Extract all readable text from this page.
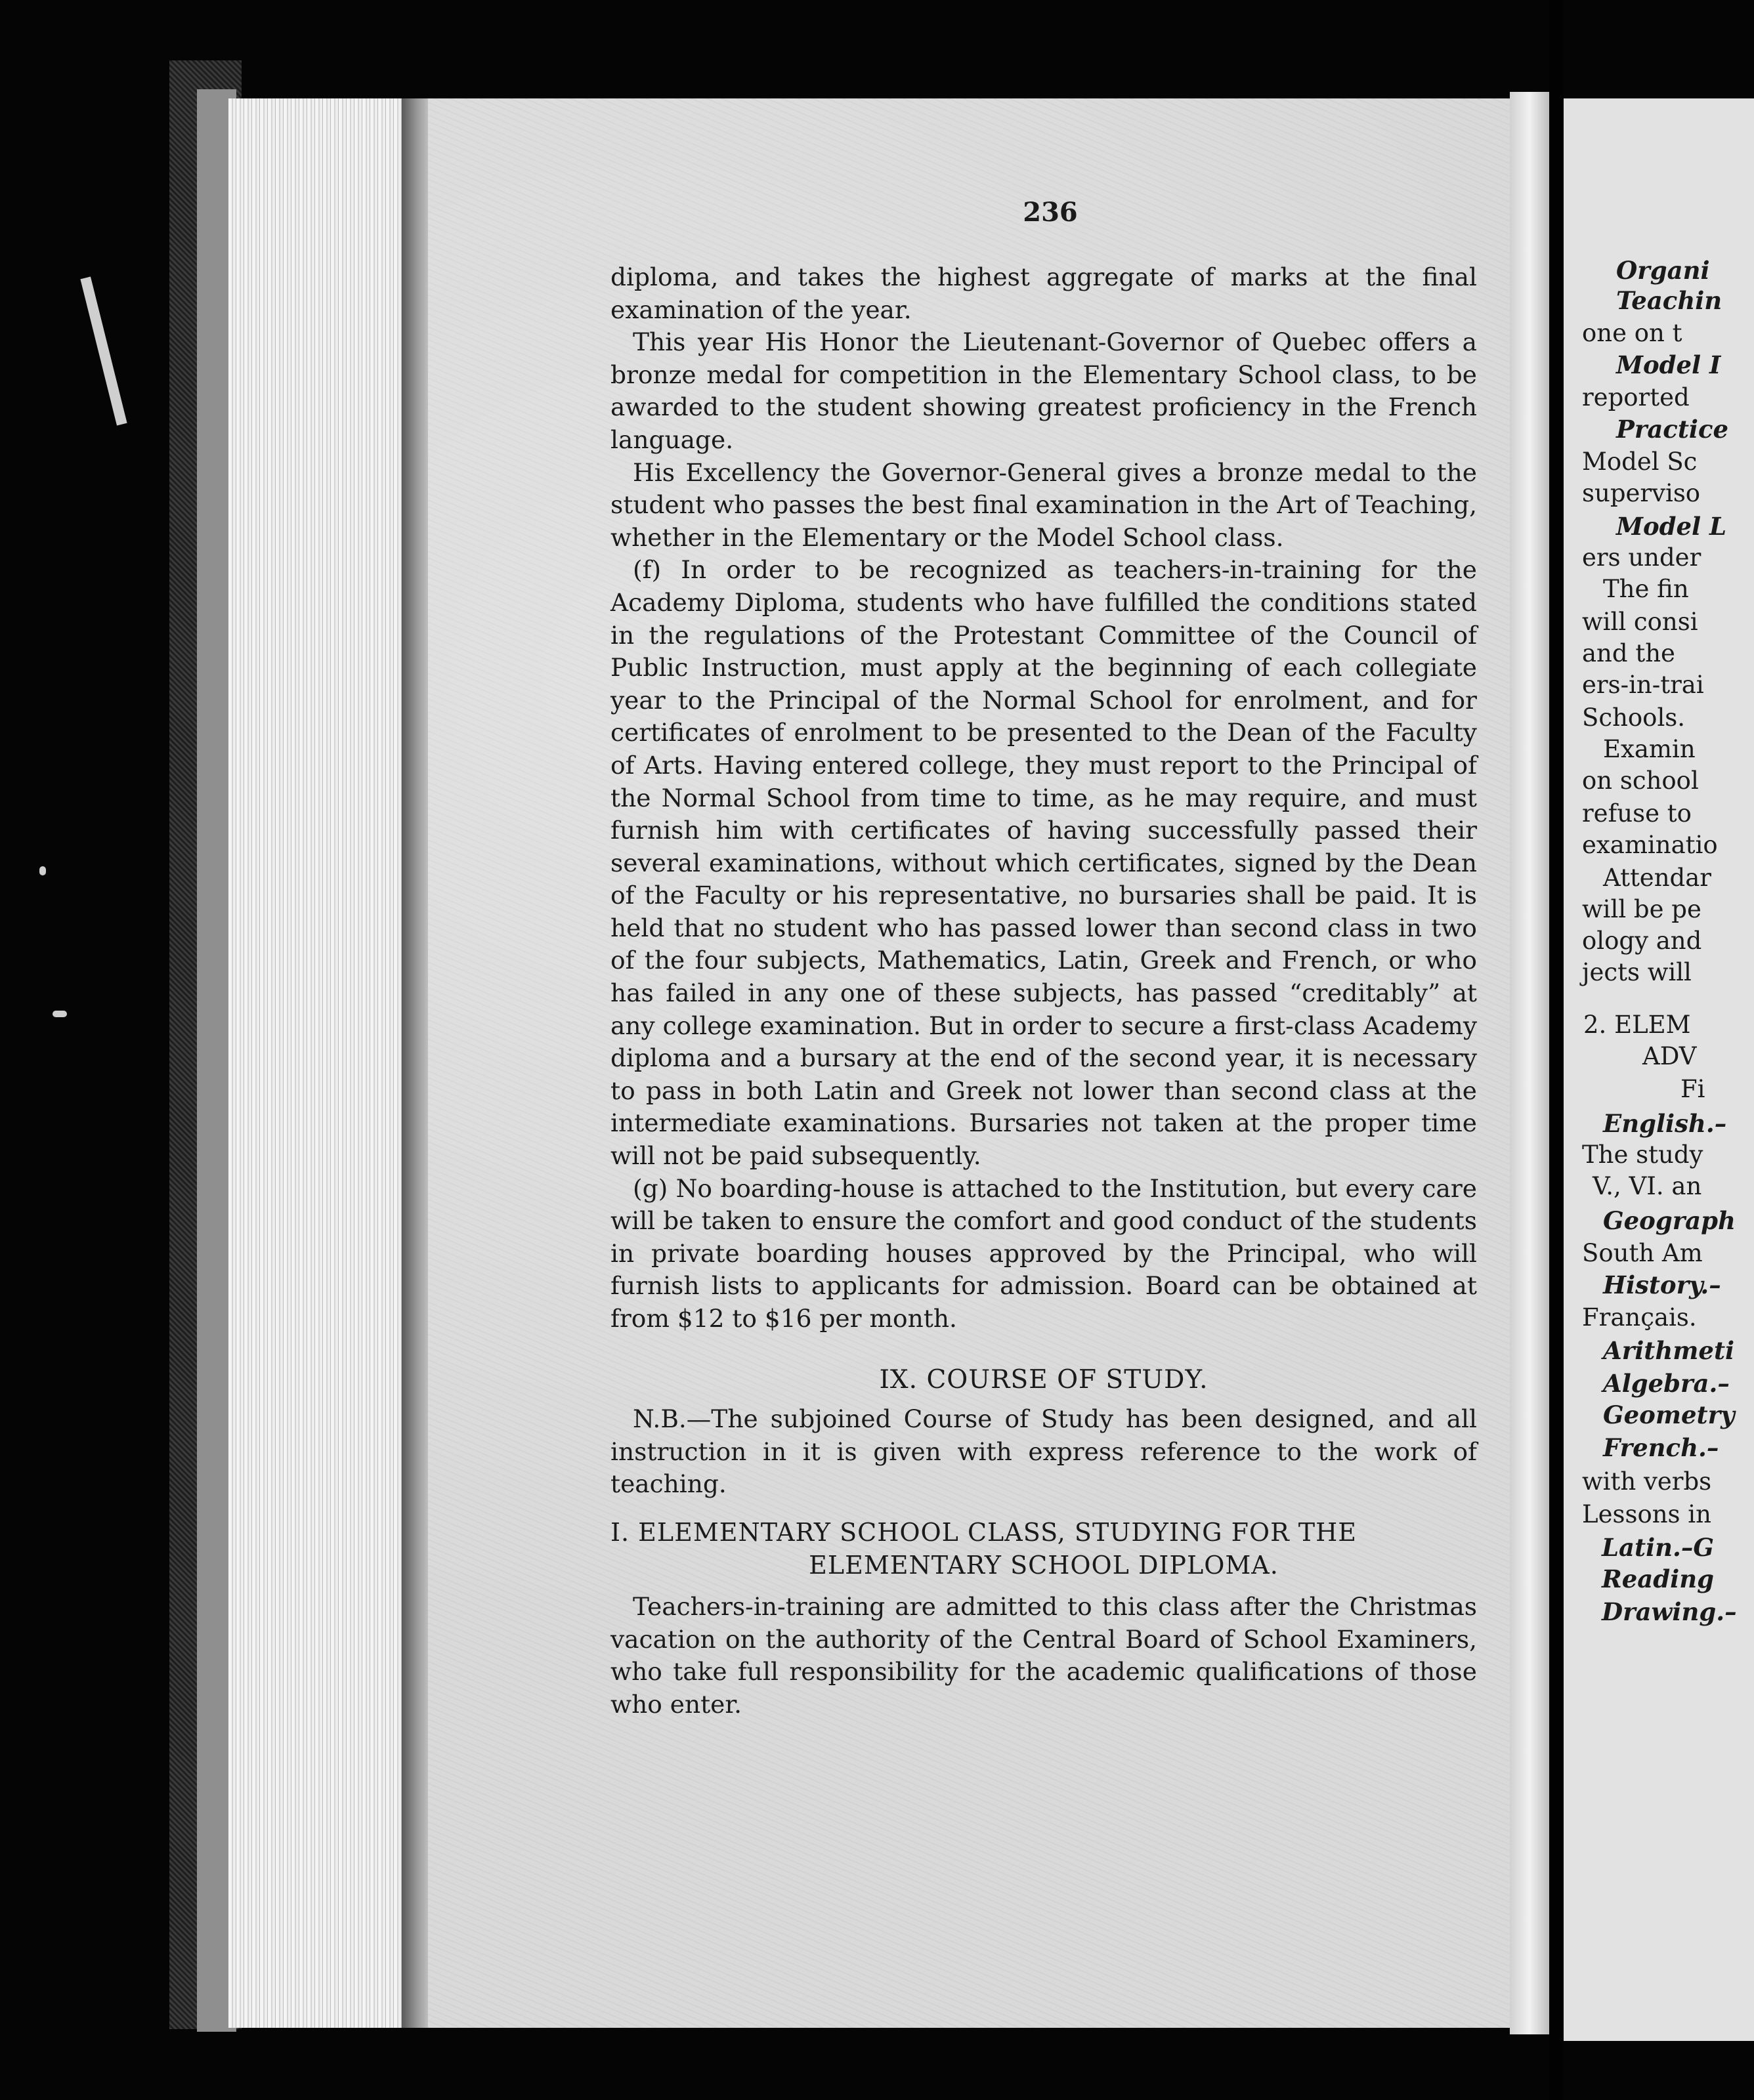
236

diploma, and takes the highest aggregate of marks at the final examination of the year.

This year His Honor the Lieutenant-Governor of Quebec offers a bronze medal for competition in the Elementary School class, to be awarded to the student showing greatest proficiency in the French language.

His Excellency the Governor-General gives a bronze medal to the student who passes the best final examination in the Art of Teaching, whether in the Elementary or the Model School class.

(f) In order to be recognized as teachers-in-training for the Academy Diploma, students who have fulfilled the conditions stated in the regulations of the Protestant Committee of the Council of Public Instruction, must apply at the beginning of each collegiate year to the Principal of the Normal School for enrolment, and for certificates of enrolment to be presented to the Dean of the Faculty of Arts. Having entered college, they must report to the Principal of the Normal School from time to time, as he may require, and must furnish him with certificates of having successfully passed their several examinations, without which certificates, signed by the Dean of the Faculty or his representative, no bursaries shall be paid. It is held that no student who has passed lower than second class in two of the four subjects, Mathematics, Latin, Greek and French, or who has failed in any one of these subjects, has passed “creditably” at any college examination. But in order to secure a first-class Academy diploma and a bursary at the end of the second year, it is necessary to pass in both Latin and Greek not lower than second class at the intermediate examinations. Bursaries not taken at the proper time will not be paid subsequently.

(g) No boarding-house is attached to the Institution, but every care will be taken to ensure the comfort and good conduct of the students in private boarding houses approved by the Principal, who will furnish lists to applicants for admission. Board can be obtained at from $12 to $16 per month.

IX. COURSE OF STUDY.

N.B.—The subjoined Course of Study has been designed, and all instruction in it is given with express reference to the work of teaching.

I. ELEMENTARY SCHOOL CLASS, STUDYING FOR THE
ELEMENTARY SCHOOL DIPLOMA.

Teachers-in-training are admitted to this class after the Christmas vacation on the authority of the Central Board of School Examiners, who take full responsibility for the academic qualifications of those who enter.

Organi
Teachin
one on t
Model I
reported
Practice
Model Sc
superviso
Model L
ers under
The fin
will consi
and the
ers-in-trai
Schools.
Examin
on school
refuse to
examinatio
Attendar
will be pe
ology and
jects will
2. ELEM
ADV
Fi
English.–
The study
V., VI. an
Geograph
South Am
History.–
Français.
Arithmeti
Algebra.–
Geometry
French.–
with verbs
Lessons in
Latin.–G
Reading
Drawing.–
